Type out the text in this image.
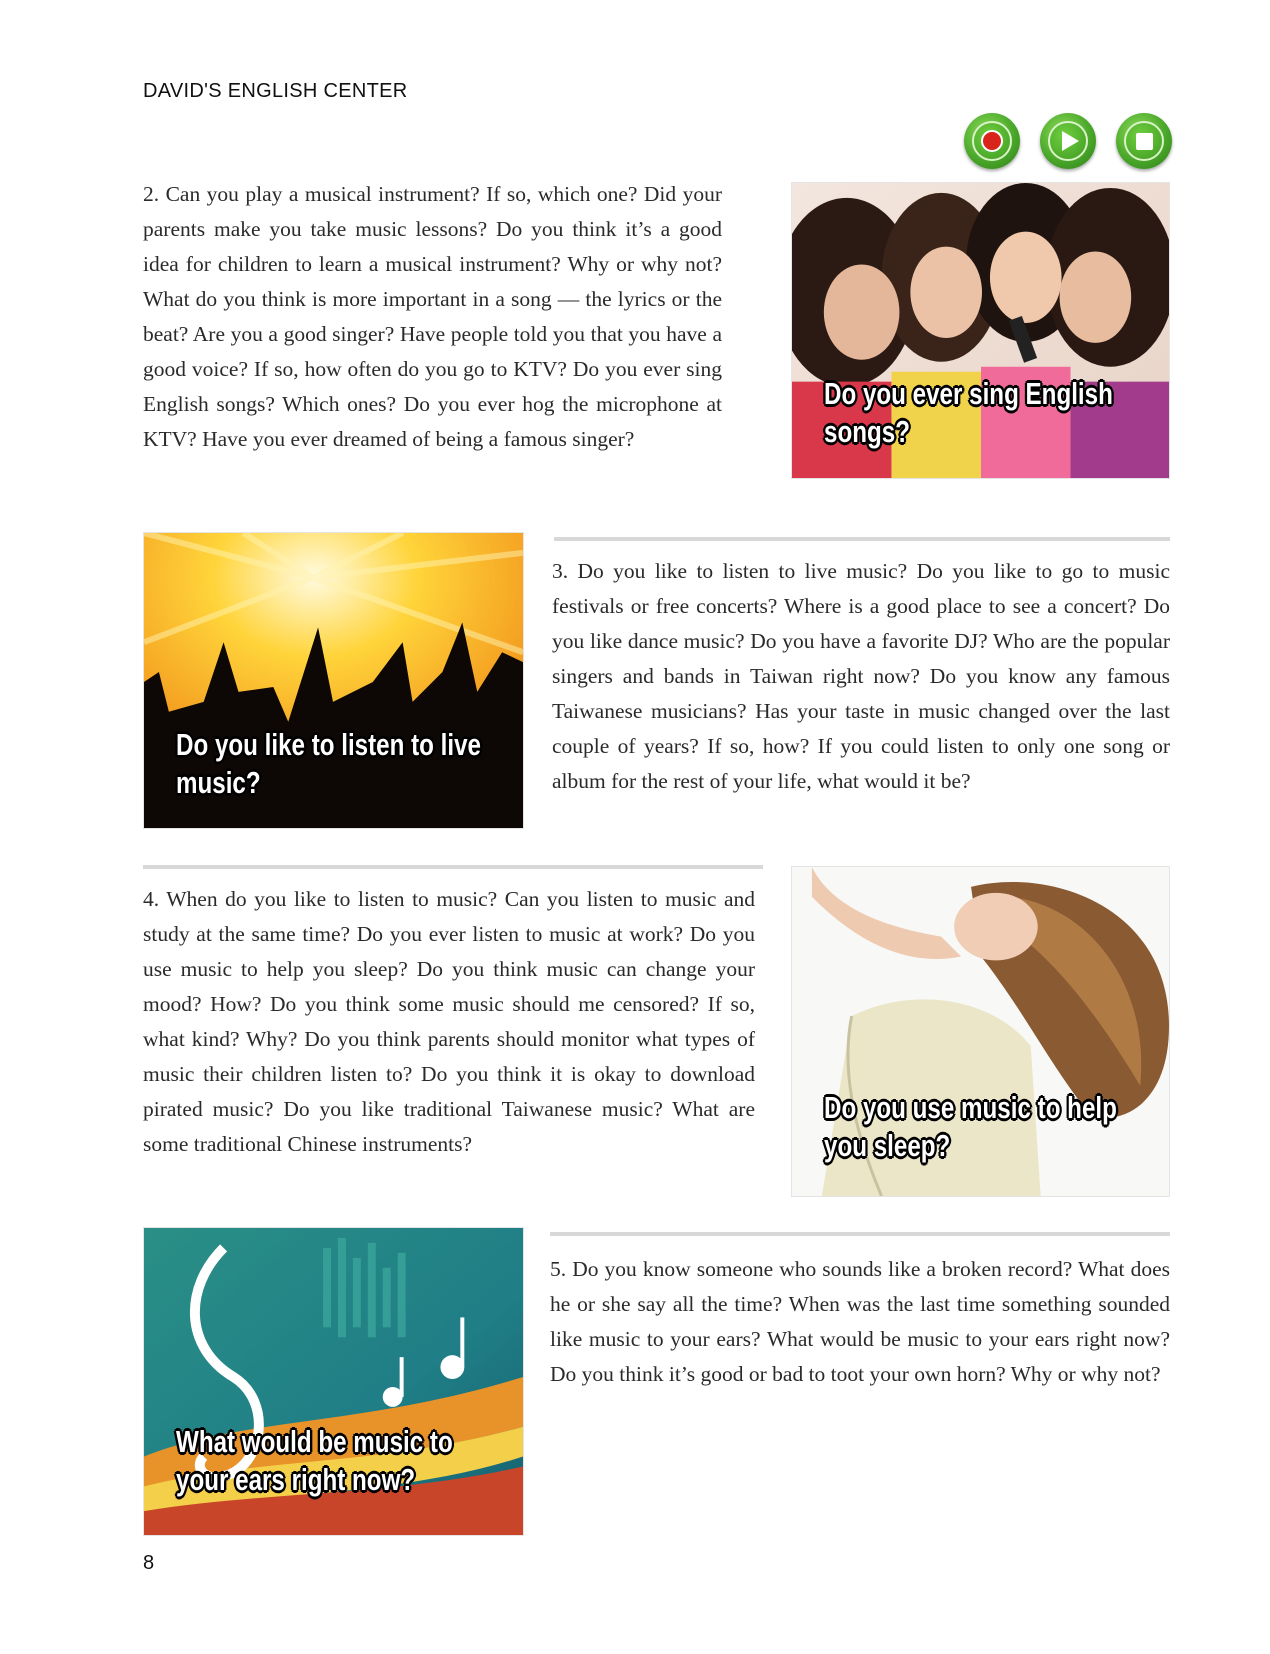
DAVID'S ENGLISH CENTER

2. Can you play a musical instrument? If so, which one? Did your parents make you take music lessons? Do you think it’s a good idea for children to learn a musical instrument? Why or why not? What do you think is more important in a song — the lyrics or the beat? Are you a good singer? Have people told you that you have a good voice? If so, how often do you go to KTV? Do you ever sing English songs? Which ones? Do you ever hog the microphone at KTV? Have you ever dreamed of being a famous singer?

Do you ever sing English songs?
Do you like to listen to live music?

3. Do you like to listen to live music? Do you like to go to music festivals or free concerts? Where is a good place to see a concert? Do you like dance music? Do you have a favorite DJ? Who are the popular singers and bands in Taiwan right now? Do you know any famous Taiwanese musicians? Has your taste in music changed over the last couple of years? If so, how? If you could listen to only one song or album for the rest of your life, what would it be?

4. When do you like to listen to music? Can you listen to music and study at the same time? Do you ever listen to music at work? Do you use music to help you sleep? Do you think music can change your mood? How? Do you think some music should me censored? If so, what kind? Why? Do you think parents should monitor what types of music their children listen to? Do you think it is okay to download pirated music? Do you like traditional Taiwanese music? What are some traditional Chinese instruments?

Do you use music to help you sleep?
What would be music to your ears right now?

5. Do you know someone who sounds like a broken record? What does he or she say all the time? When was the last time something sounded like music to your ears? What would be music to your ears right now? Do you think it’s good or bad to toot your own horn? Why or why not?

8
